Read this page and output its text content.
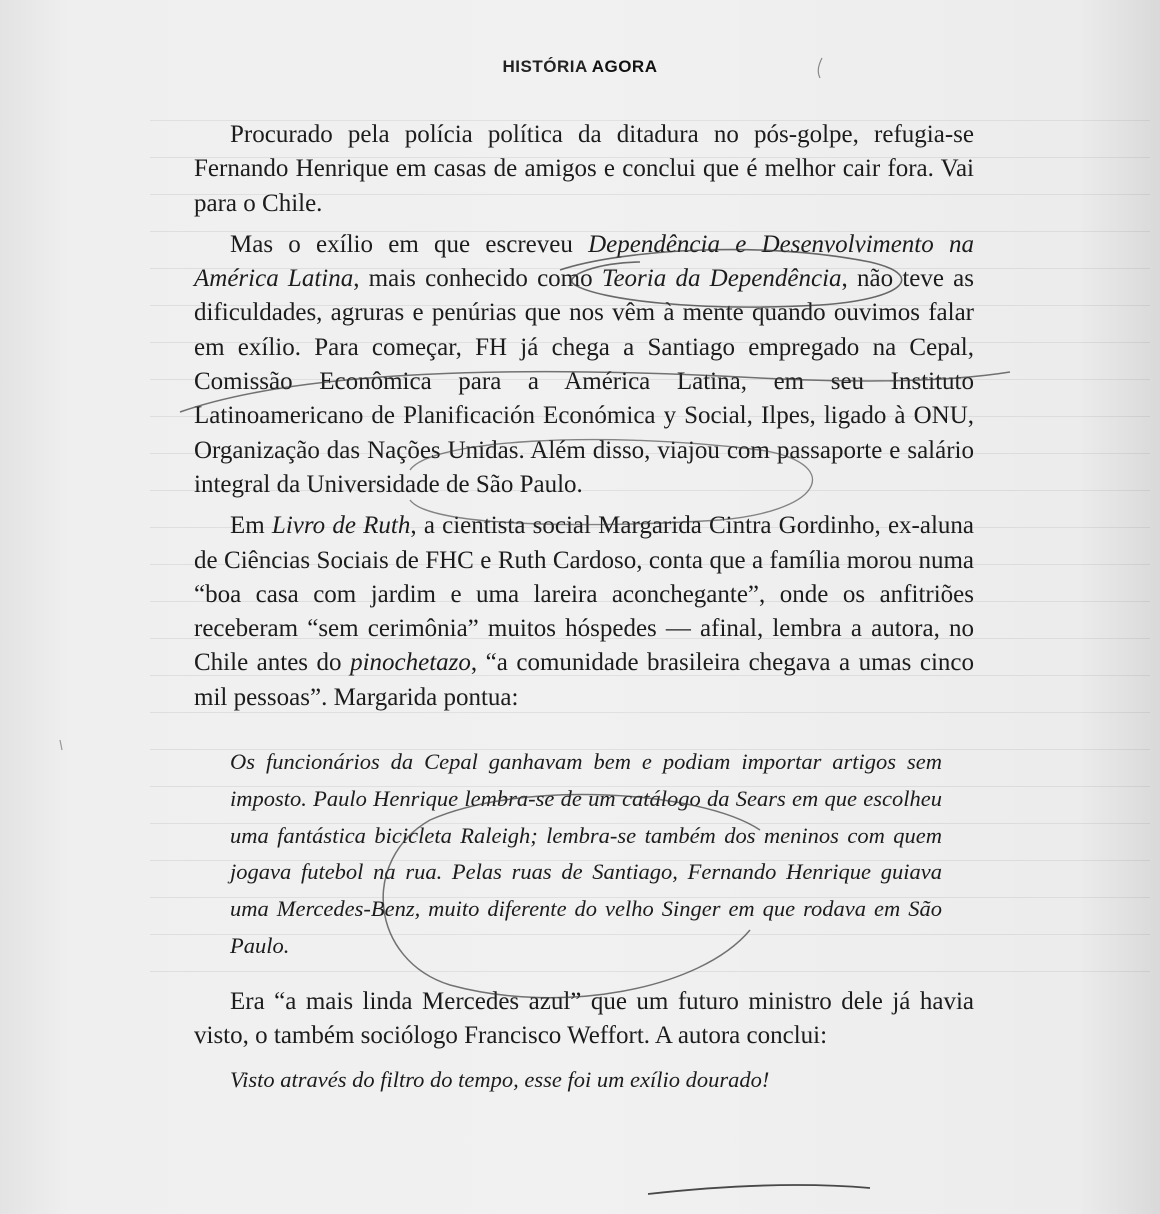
HISTÓRIA AGORA

Procurado pela polícia política da ditadura no pós-golpe, refugia-se Fernando Henrique em casas de amigos e conclui que é melhor cair fora. Vai para o Chile.

Mas o exílio em que escreveu Dependência e Desenvolvimento na América Latina, mais conhecido como Teoria da Dependência, não teve as dificuldades, agruras e penúrias que nos vêm à mente quando ouvimos falar em exílio. Para começar, FH já chega a Santiago empregado na Cepal, Comissão Econômica para a América Latina, em seu Instituto Latinoamericano de Planificación Económica y Social, Ilpes, ligado à ONU, Organização das Nações Unidas. Além disso, viajou com passaporte e salário integral da Universidade de São Paulo.

Em Livro de Ruth, a cientista social Margarida Cintra Gordinho, ex-aluna de Ciências Sociais de FHC e Ruth Cardoso, conta que a família morou numa “boa casa com jardim e uma lareira aconchegante”, onde os anfitriões receberam “sem cerimônia” muitos hóspedes — afinal, lembra a autora, no Chile antes do pinochetazo, “a comunidade brasileira chegava a umas cinco mil pessoas”. Margarida pontua:

Os funcionários da Cepal ganhavam bem e podiam importar artigos sem imposto. Paulo Henrique lembra-se de um catálogo da Sears em que escolheu uma fantástica bicicleta Raleigh; lembra-se também dos meninos com quem jogava futebol na rua. Pelas ruas de Santiago, Fernando Henrique guiava uma Mercedes-Benz, muito diferente do velho Singer em que rodava em São Paulo.

Era “a mais linda Mercedes azul” que um futuro ministro dele já havia visto, o também sociólogo Francisco Weffort. A autora conclui:

Visto através do filtro do tempo, esse foi um exílio dourado!
